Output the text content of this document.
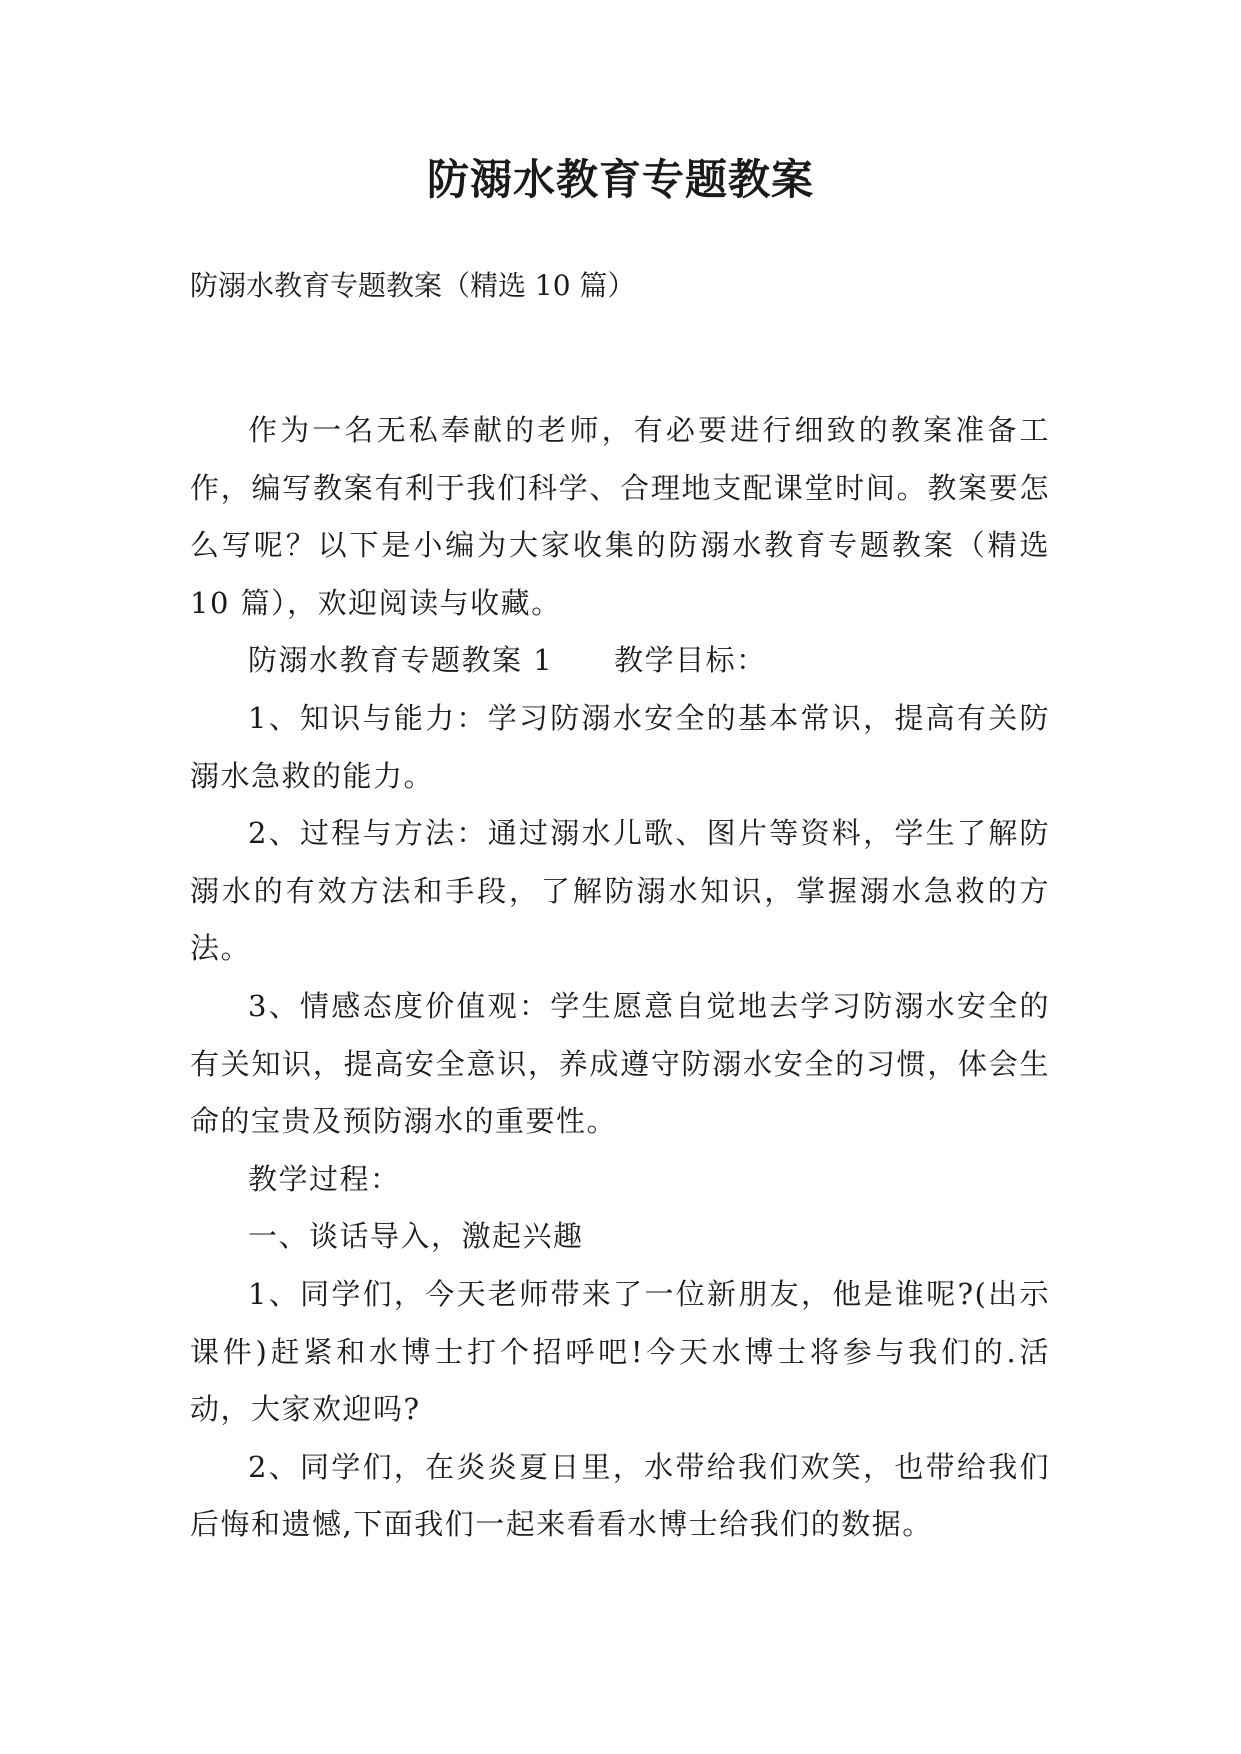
防溺水教育专题教案
防溺水教育专题教案（精选 10 篇）

作为一名无私奉献的老师，有必要进行细致的教案准备工作，编写教案有利于我们科学、合理地支配课堂时间。教案要怎么写呢？以下是小编为大家收集的防溺水教育专题教案（精选 10 篇），欢迎阅读与收藏。

防溺水教育专题教案 1　　教学目标：

1、知识与能力：学习防溺水安全的基本常识，提高有关防溺水急救的能力。

2、过程与方法：通过溺水儿歌、图片等资料，学生了解防溺水的有效方法和手段，了解防溺水知识，掌握溺水急救的方法。

3、情感态度价值观：学生愿意自觉地去学习防溺水安全的有关知识，提高安全意识，养成遵守防溺水安全的习惯，体会生命的宝贵及预防溺水的重要性。

教学过程：

一、谈话导入，激起兴趣

1、同学们，今天老师带来了一位新朋友，他是谁呢?(出示课件)赶紧和水博士打个招呼吧!今天水博士将参与我们的.活动，大家欢迎吗?

2、同学们，在炎炎夏日里，水带给我们欢笑，也带给我们后悔和遗憾,下面我们一起来看看水博士给我们的数据。
